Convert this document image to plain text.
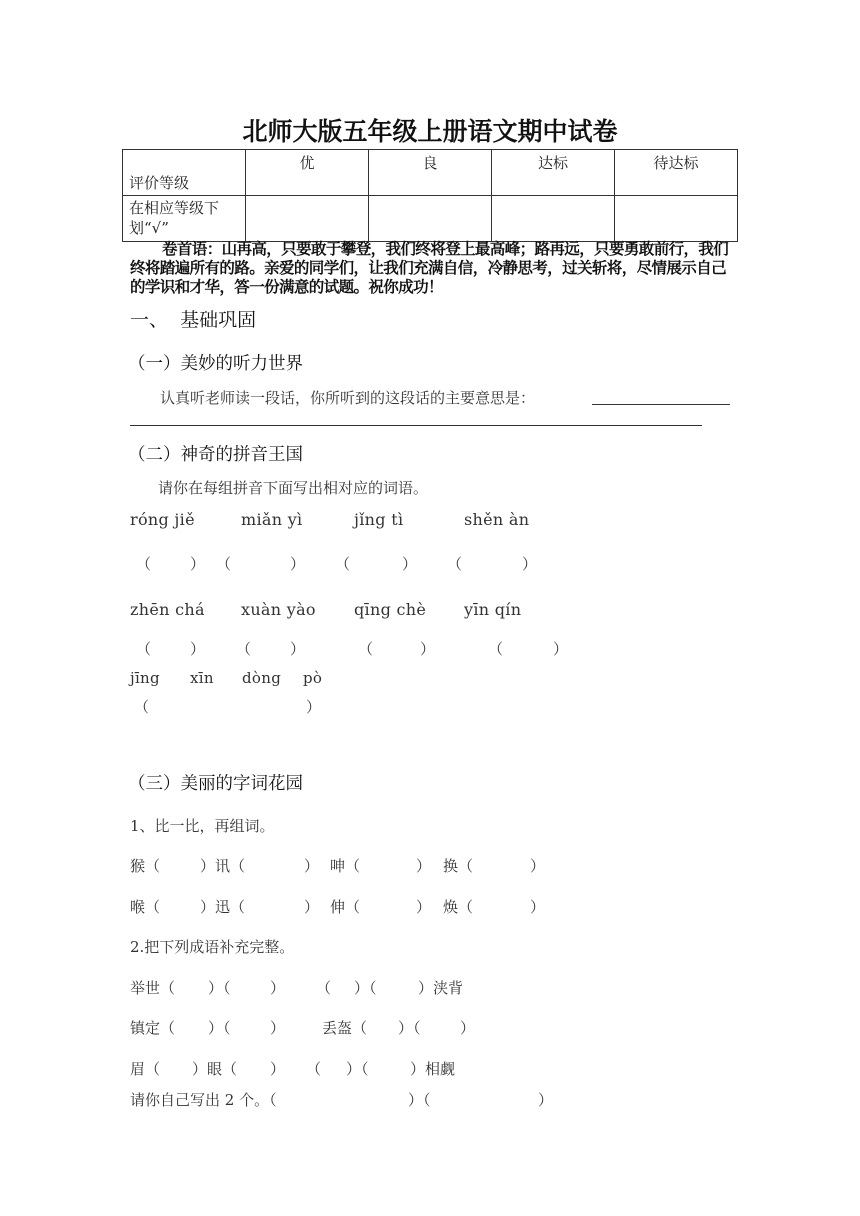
北师大版五年级上册语文期中试卷
评价等级	优	良	达标	待达标
在相应等级下划“√”				
卷首语：山再高，只要敢于攀登，我们终将登上最高峰；路再远，只要勇敢前行，我们终将踏遍所有的路。亲爱的同学们，让我们充满自信，冷静思考，过关斩将，尽情展示自己的学识和才华，答一份满意的试题。祝你成功！
一、  基础巩固
（一）美妙的听力世界
认真听老师读一段话，你所听到的这段话的主要意思是：
（二）神奇的拼音王国
请你在每组拼音下面写出相对应的词语。
róng jiě	miǎn yì	jǐng tì	shěn àn
（	） （	） （	） （	）
zhēn chá xuàn yào qīng chè yīn qín
（	） （	）	（	）	（	）
jīng xīn dòng pò
（	）
（三）美丽的字词花园
1、比一比，再组词。
猴（	）讯（	） 呻（	） 换（	）
喉（	）迅（	） 伸（	） 焕（	）
2.把下列成语补充完整。
举世（ ）（	） （ ）（	）浃背
镇定（ ）（	） 丢盔（ ）（	）
眉（ ）眼（ ） （ ）（	）相觑
请你自己写出 2 个。（	）（	）
